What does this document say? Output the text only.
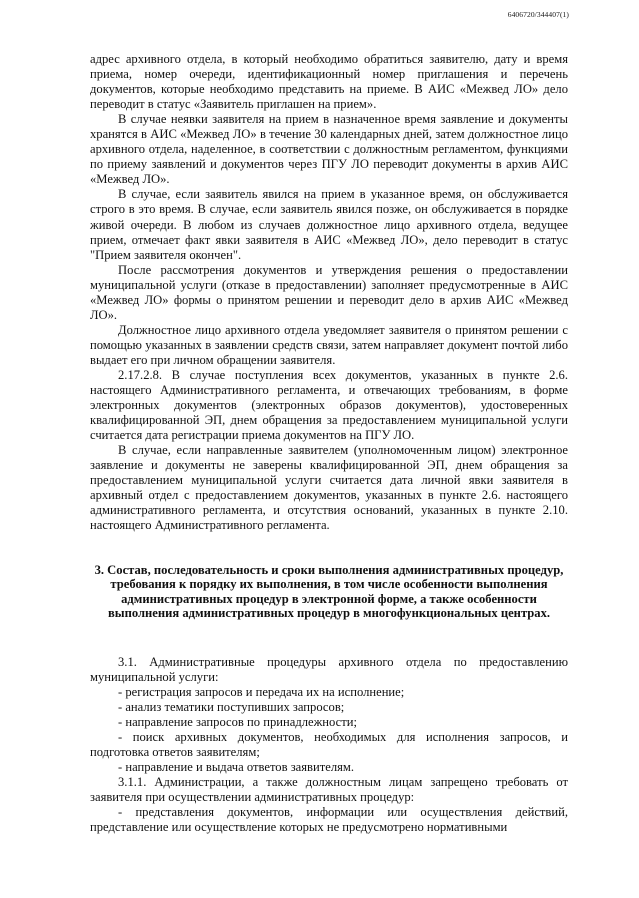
6406720/344407(1)

адрес архивного отдела, в который необходимо обратиться заявителю, дату и время приема, номер очереди, идентификационный номер приглашения и перечень документов, которые необходимо представить на приеме. В АИС «Межвед ЛО» дело переводит в статус «Заявитель приглашен на прием».

В случае неявки заявителя на прием в назначенное время заявление и документы хранятся в АИС «Межвед ЛО» в течение 30 календарных дней, затем должностное лицо архивного отдела, наделенное, в соответствии с должностным регламентом, функциями по приему заявлений и документов через ПГУ ЛО переводит документы в архив АИС «Межвед ЛО».

В случае, если заявитель явился на прием в указанное время, он обслуживается строго в это время. В случае, если заявитель явился позже, он обслуживается в порядке живой очереди. В любом из случаев должностное лицо архивного отдела, ведущее прием, отмечает факт явки заявителя в АИС «Межвед ЛО», дело переводит в статус "Прием заявителя окончен".

После рассмотрения документов и утверждения решения о предоставлении муниципальной услуги (отказе в предоставлении) заполняет предусмотренные в АИС «Межвед ЛО» формы о принятом решении и переводит дело в архив АИС «Межвед ЛО».

Должностное лицо архивного отдела уведомляет заявителя о принятом решении с помощью указанных в заявлении средств связи, затем направляет документ почтой либо выдает его при личном обращении заявителя.

2.17.2.8. В случае поступления всех документов, указанных в пункте 2.6. настоящего Административного регламента, и отвечающих требованиям, в форме электронных документов (электронных образов документов), удостоверенных квалифицированной ЭП, днем обращения за предоставлением муниципальной услуги считается дата регистрации приема документов на ПГУ ЛО.

В случае, если направленные заявителем (уполномоченным лицом) электронное заявление и документы не заверены квалифицированной ЭП, днем обращения за предоставлением муниципальной услуги считается дата личной явки заявителя в архивный отдел с предоставлением документов, указанных в пункте 2.6. настоящего административного регламента, и отсутствия оснований, указанных в пункте 2.10. настоящего Административного регламента.

3. Состав, последовательность и сроки выполнения административных процедур, требования к порядку их выполнения, в том числе особенности выполнения административных процедур в электронной форме, а также особенности выполнения административных процедур в многофункциональных центрах.

3.1. Административные процедуры архивного отдела по предоставлению муниципальной услуги:

- регистрация запросов и передача их на исполнение;

- анализ тематики поступивших запросов;

- направление запросов по принадлежности;

- поиск архивных документов, необходимых для исполнения запросов, и подготовка ответов заявителям;

- направление и выдача ответов заявителям.

3.1.1. Администрации, а также должностным лицам запрещено требовать от заявителя при осуществлении административных процедур:

- представления документов, информации или осуществления действий, представление или осуществление которых не предусмотрено нормативными
